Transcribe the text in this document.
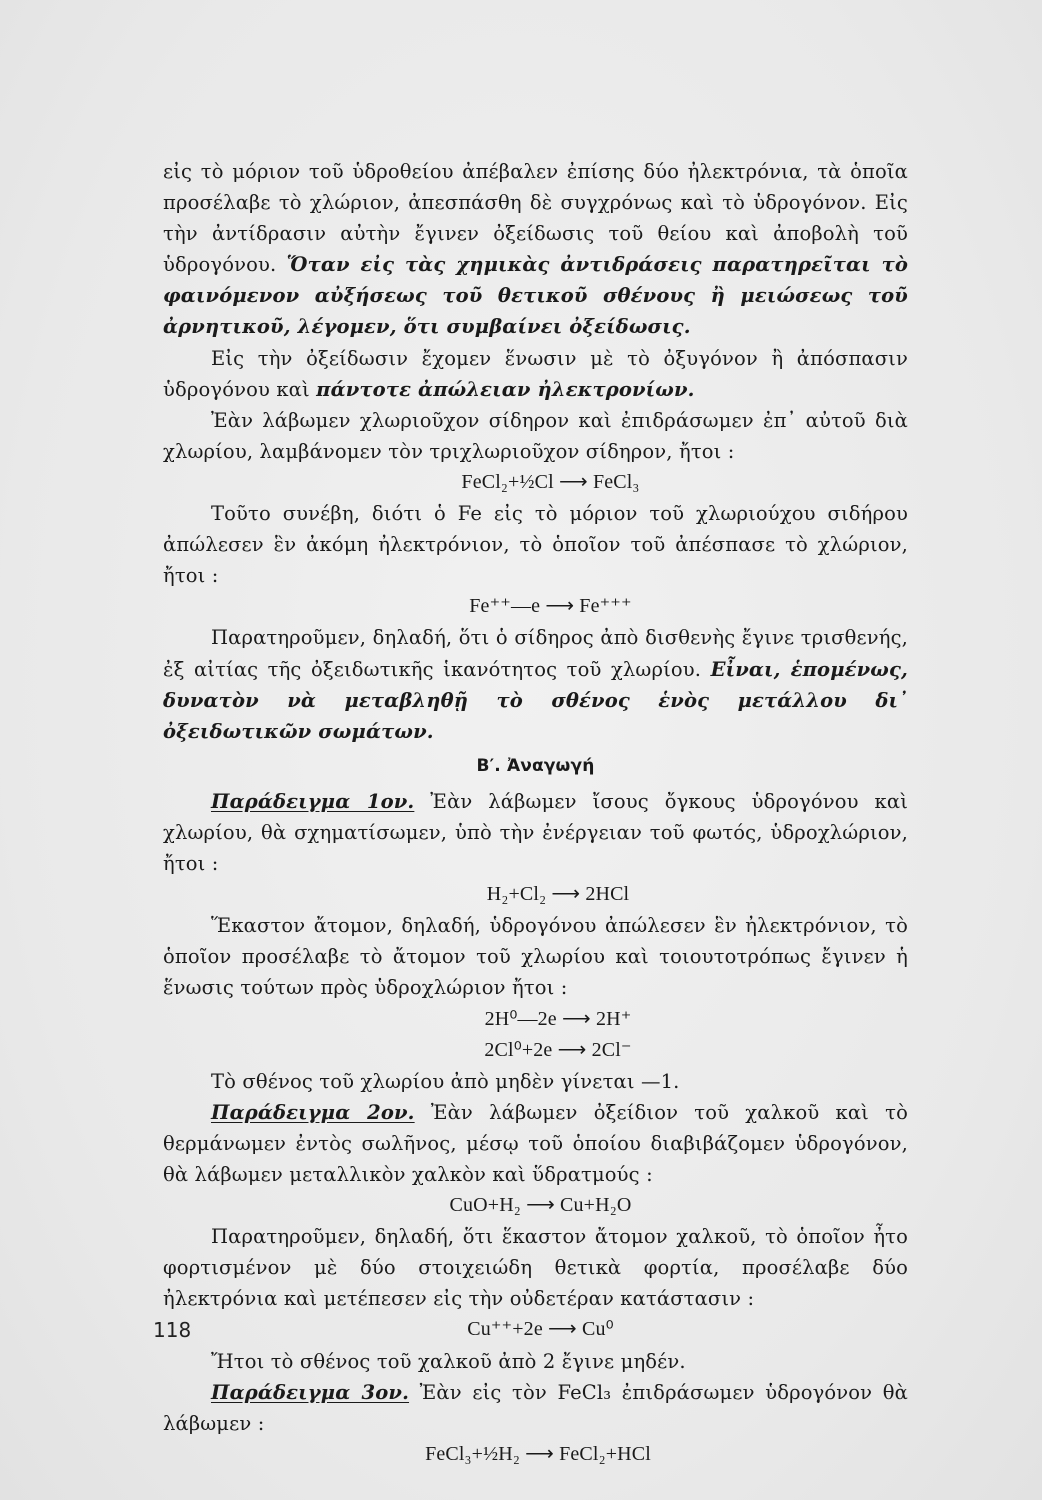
εἰς τὸ μόριον τοῦ ὑδροθείου ἀπέβαλεν ἐπίσης δύο ἠλεκτρόνια, τὰ ὁποῖα προσέλαβε τὸ χλώριον, ἀπεσπάσθη δὲ συγχρόνως καὶ τὸ ὑδρογόνον. Εἰς τὴν ἀντίδρασιν αὐτὴν ἔγινεν ὀξείδωσις τοῦ θείου καὶ ἀποβολὴ τοῦ ὑδρογόνου. Ὅταν εἰς τὰς χημικὰς ἀντιδράσεις παρατηρεῖται τὸ φαινόμενον αὐξήσεως τοῦ θετικοῦ σθένους ἢ μειώσεως τοῦ ἀρνητικοῦ, λέγομεν, ὅτι συμβαίνει ὀξείδωσις.

Εἰς τὴν ὀξείδωσιν ἔχομεν ἕνωσιν μὲ τὸ ὀξυγόνον ἢ ἀπόσπασιν ὑδρογόνου καὶ πάντοτε ἀπώλειαν ἠλεκτρονίων.

Ἐὰν λάβωμεν χλωριοῦχον σίδηρον καὶ ἐπιδράσωμεν ἐπ᾽ αὐτοῦ διὰ χλωρίου, λαμβάνομεν τὸν τριχλωριοῦχον σίδηρον, ἤτοι :

FeCl₂+½Cl ⟶ FeCl₃

Τοῦτο συνέβη, διότι ὁ Fe εἰς τὸ μόριον τοῦ χλωριούχου σιδήρου ἀπώλεσεν ἓν ἀκόμη ἠλεκτρόνιον, τὸ ὁποῖον τοῦ ἀπέσπασε τὸ χλώριον, ἤτοι :

Fe⁺⁺—e ⟶ Fe⁺⁺⁺

Παρατηροῦμεν, δηλαδή, ὅτι ὁ σίδηρος ἀπὸ δισθενὴς ἔγινε τρισθενής, ἐξ αἰτίας τῆς ὀξειδωτικῆς ἱκανότητος τοῦ χλωρίου. Εἶναι, ἑπομένως, δυνατὸν νὰ μεταβληθῇ τὸ σθένος ἑνὸς μετάλλου δι᾽ ὀξειδωτικῶν σωμάτων.

Β′. Ἀναγωγή

Παράδειγμα 1ον. Ἐὰν λάβωμεν ἴσους ὄγκους ὑδρογόνου καὶ χλωρίου, θὰ σχηματίσωμεν, ὑπὸ τὴν ἐνέργειαν τοῦ φωτός, ὑδροχλώριον, ἤτοι :

H₂+Cl₂ ⟶ 2HCl

Ἕκαστον ἄτομον, δηλαδή, ὑδρογόνου ἀπώλεσεν ἓν ἠλεκτρόνιον, τὸ ὁποῖον προσέλαβε τὸ ἄτομον τοῦ χλωρίου καὶ τοιουτοτρόπως ἔγινεν ἡ ἕνωσις τούτων πρὸς ὑδροχλώριον ἤτοι :

2H⁰—2e ⟶ 2H⁺
2Cl⁰+2e ⟶ 2Cl⁻

Τὸ σθένος τοῦ χλωρίου ἀπὸ μηδὲν γίνεται —1.

Παράδειγμα 2ον. Ἐὰν λάβωμεν ὀξείδιον τοῦ χαλκοῦ καὶ τὸ θερμάνωμεν ἐντὸς σωλῆνος, μέσῳ τοῦ ὁποίου διαβιβάζομεν ὑδρογόνον, θὰ λάβωμεν μεταλλικὸν χαλκὸν καὶ ὕδρατμούς :

CuO+H₂ ⟶ Cu+H₂O

Παρατηροῦμεν, δηλαδή, ὅτι ἕκαστον ἄτομον χαλκοῦ, τὸ ὁποῖον ἦτο φορτισμένον μὲ δύο στοιχειώδη θετικὰ φορτία, προσέλαβε δύο ἠλεκτρόνια καὶ μετέπεσεν εἰς τὴν οὐδετέραν κατάστασιν :

Cu⁺⁺+2e ⟶ Cu⁰

Ἤτοι τὸ σθένος τοῦ χαλκοῦ ἀπὸ 2 ἔγινε μηδέν.

Παράδειγμα 3ον. Ἐὰν εἰς τὸν FeCl₃ ἐπιδράσωμεν ὑδρογόνον θὰ λάβωμεν :

FeCl₃+½H₂ ⟶ FeCl₂+HCl
118
